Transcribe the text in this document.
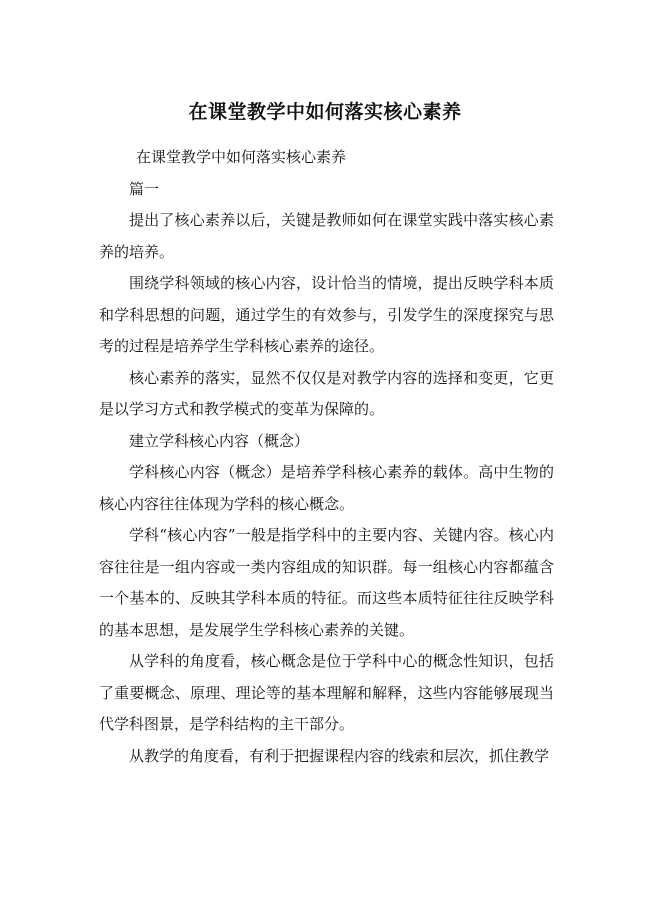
在课堂教学中如何落实核心素养

在课堂教学中如何落实核心素养

篇一

提出了核心素养以后，关键是教师如何在课堂实践中落实核心素养的培养。

围绕学科领域的核心内容，设计恰当的情境，提出反映学科本质和学科思想的问题，通过学生的有效参与，引发学生的深度探究与思考的过程是培养学生学科核心素养的途径。

核心素养的落实，显然不仅仅是对教学内容的选择和变更，它更是以学习方式和教学模式的变革为保障的。

建立学科核心内容（概念）

学科核心内容（概念）是培养学科核心素养的载体。高中生物的核心内容往往体现为学科的核心概念。

学科“核心内容”一般是指学科中的主要内容、关键内容。核心内容往往是一组内容或一类内容组成的知识群。每一组核心内容都蕴含一个基本的、反映其学科本质的特征。而这些本质特征往往反映学科的基本思想，是发展学生学科核心素养的关键。

从学科的角度看，核心概念是位于学科中心的概念性知识，包括了重要概念、原理、理论等的基本理解和解释，这些内容能够展现当代学科图景，是学科结构的主干部分。

从教学的角度看，有利于把握课程内容的线索和层次，抓住教学
